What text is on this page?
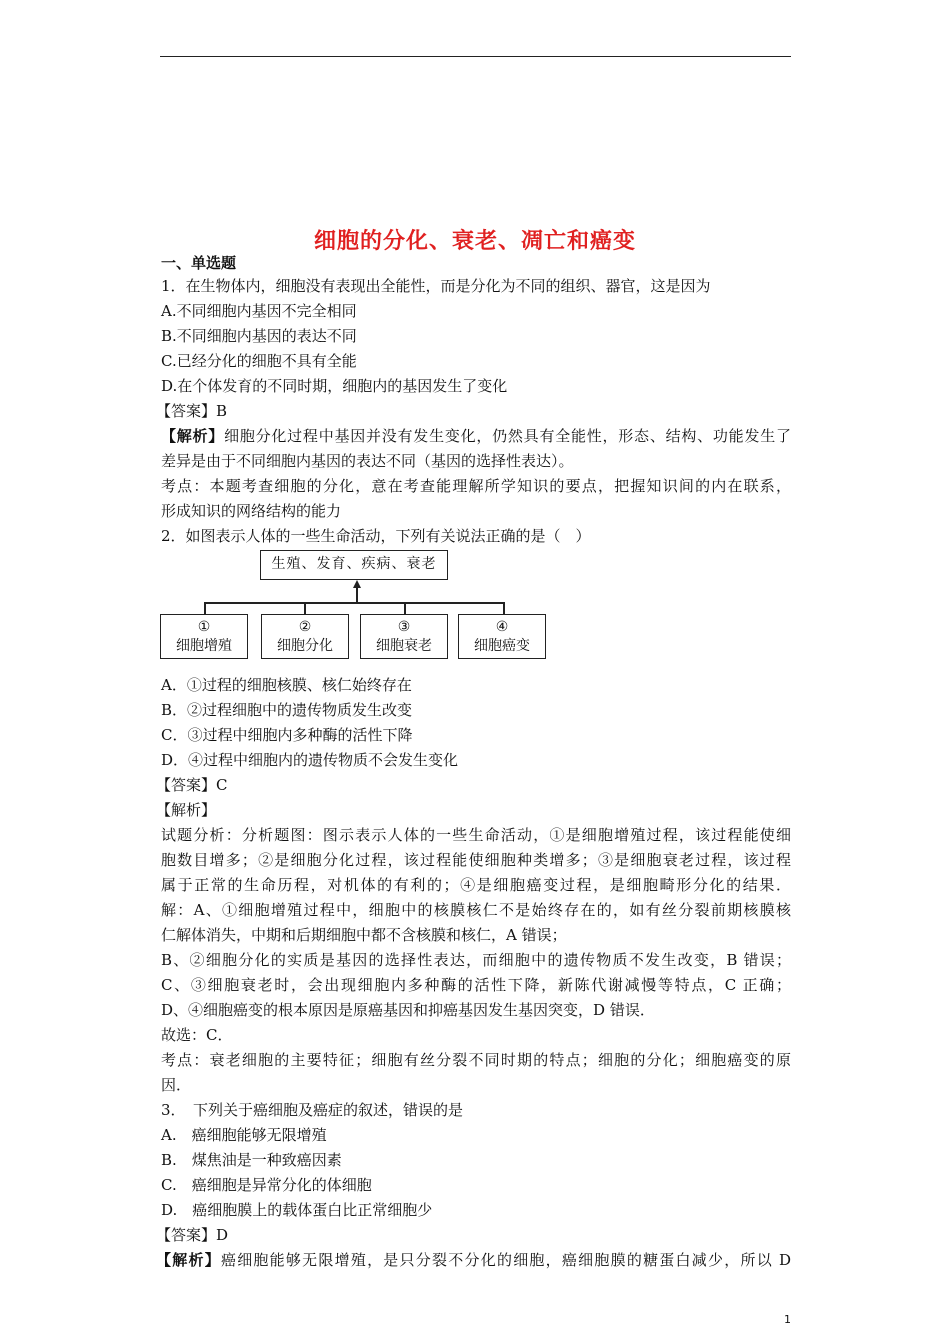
细胞的分化、衰老、凋亡和癌变
一、单选题
1．在生物体内，细胞没有表现出全能性，而是分化为不同的组织、器官，这是因为
A.不同细胞内基因不完全相同
B.不同细胞内基因的表达不同
C.已经分化的细胞不具有全能
D.在个体发育的不同时期，细胞内的基因发生了变化
【答案】B
【解析】细胞分化过程中基因并没有发生变化，仍然具有全能性，形态、结构、功能发生了
差异是由于不同细胞内基因的表达不同（基因的选择性表达）。
考点：本题考查细胞的分化，意在考查能理解所学知识的要点，把握知识间的内在联系，
形成知识的网络结构的能力
2．如图表示人体的一些生命活动，下列有关说法正确的是（　）
生殖、发育、疾病、衰老
①
细胞增殖
②
细胞分化
③
细胞衰老
④
细胞癌变
A．①过程的细胞核膜、核仁始终存在
B．②过程细胞中的遗传物质发生改变
C．③过程中细胞内多种酶的活性下降
D．④过程中细胞内的遗传物质不会发生变化
【答案】C
【解析】
试题分析：分析题图：图示表示人体的一些生命活动，①是细胞增殖过程，该过程能使细
胞数目增多；②是细胞分化过程，该过程能使细胞种类增多；③是细胞衰老过程，该过程
属于正常的生命历程，对机体的有利的；④是细胞癌变过程，是细胞畸形分化的结果．
解：A、①细胞增殖过程中，细胞中的核膜核仁不是始终存在的，如有丝分裂前期核膜核
仁解体消失，中期和后期细胞中都不含核膜和核仁，A 错误；
B、②细胞分化的实质是基因的选择性表达，而细胞中的遗传物质不发生改变，B 错误；
C、③细胞衰老时，会出现细胞内多种酶的活性下降，新陈代谢减慢等特点，C 正确；
D、④细胞癌变的根本原因是原癌基因和抑癌基因发生基因突变，D 错误．
故选：C．
考点：衰老细胞的主要特征；细胞有丝分裂不同时期的特点；细胞的分化；细胞癌变的原
因．
3．　下列关于癌细胞及癌症的叙述，错误的是
A.　癌细胞能够无限增殖
B.　煤焦油是一种致癌因素
C.　癌细胞是异常分化的体细胞
D.　癌细胞膜上的载体蛋白比正常细胞少
【答案】D
【解析】癌细胞能够无限增殖，是只分裂不分化的细胞，癌细胞膜的糖蛋白减少，所以 D
1
